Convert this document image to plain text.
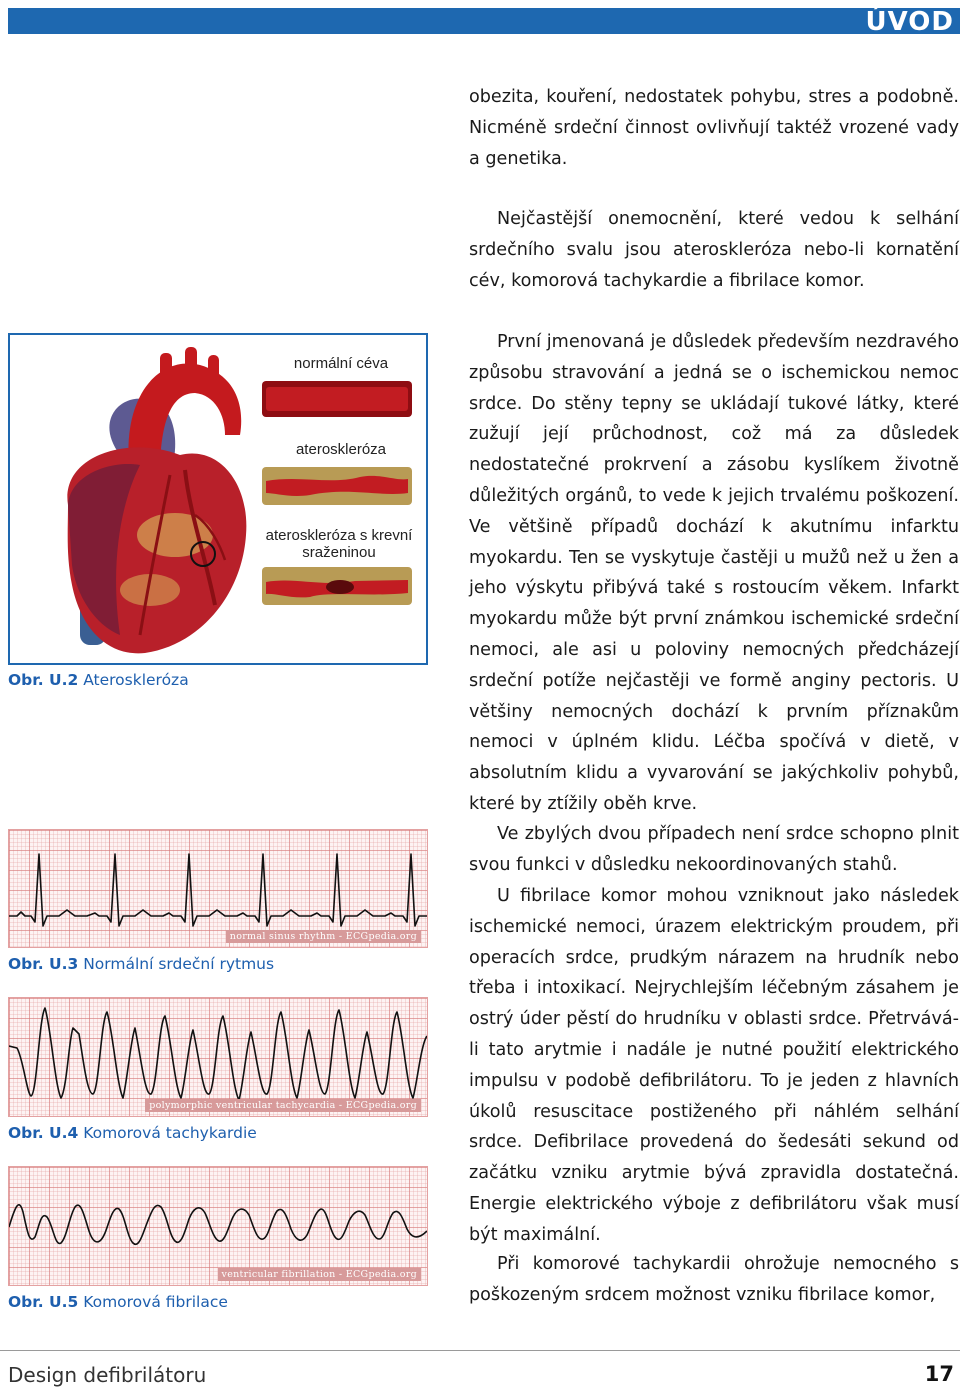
ÚVOD

obezita, kouření, nedostatek pohybu, stres a podobně. Nicméně srdeční činnost ovlivňují taktéž vrozené vady a genetika.

Nejčastější onemocnění, které vedou k selhání srdečního svalu jsou ateroskleróza nebo-li kornatění cév, komorová tachykardie a fibrilace komor.

První jmenovaná je důsledek především nezdravého způsobu stravování a jedná se o ischemickou nemoc srdce. Do stěny tepny se ukládají tukové látky, které zužují její průchodnost, což má za důsledek nedostatečné prokrvení a zásobu kyslíkem životně důležitých orgánů, to vede k jejich trvalému poškození. Ve většině případů dochází k akutnímu infarktu myokardu. Ten se vyskytuje častěji u mužů než u žen a jeho výskytu přibývá také s rostoucím věkem. Infarkt myokardu může být první známkou ischemické srdeční nemoci, ale asi u poloviny nemocných předcházejí srdeční potíže nejčastěji ve formě anginy pectoris. U většiny nemocných dochází k prvním příznakům nemoci v úplném klidu. Léčba spočívá v dietě, v absolutním klidu a vyvarování se jakýchkoliv pohybů, které by ztížily oběh krve.

Ve zbylých dvou případech není srdce schopno plnit svou funkci v důsledku nekoordinovaných stahů.

U fibrilace komor mohou vzniknout jako následek ischemické nemoci, úrazem elektrickým proudem, při operacích srdce, prudkým nárazem na hrudník nebo třeba i intoxikací. Nejrychlejším léčebným zásahem je ostrý úder pěstí do hrudníku v oblasti srdce. Přetrvává-li tato arytmie i nadále je nutné použití elektrického impulsu v podobě defibrilátoru. To je jeden z hlavních úkolů resuscitace postiženého při náhlém selhání srdce. Defibrilace provedená do šedesáti sekund od začátku vzniku arytmie bývá zpravidla dostatečná. Energie elektrického výboje z defibrilátoru však musí být maximální.

Při komorové tachykardii ohrožuje nemocného s poškozeným srdcem možnost vzniku fibrilace komor,

normální céva
ateroskleróza
ateroskleróza s krevní sraženinou
Obr. U.2 Ateroskleróza
normal sinus rhythm - ECGpedia.org
Obr. U.3 Normální srdeční rytmus
polymorphic ventricular tachycardia - ECGpedia.org
Obr. U.4 Komorová tachykardie
ventricular fibrillation - ECGpedia.org
Obr. U.5 Komorová fibrilace
Design defibrilátoru	17
